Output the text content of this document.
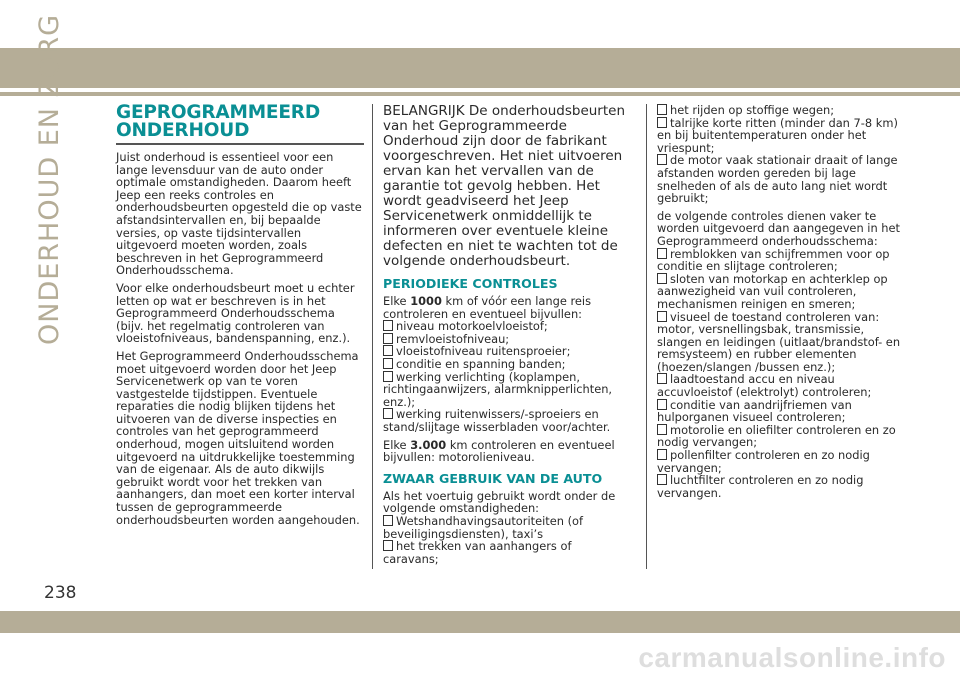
ONDERHOUD EN ZORG	GEPROGRAMMEERD
ONDERHOUD

Juist onderhoud is essentieel voor een lange levensduur van de auto onder optimale omstandigheden. Daarom heeft Jeep een reeks controles en onderhoudsbeurten opgesteld die op vaste afstandsintervallen en, bij bepaalde versies, op vaste tijdsintervallen uitgevoerd moeten worden, zoals beschreven in het Geprogrammeerd Onderhoudsschema.

Voor elke onderhoudsbeurt moet u echter letten op wat er beschreven is in het Geprogrammeerd Onderhoudsschema (bijv. het regelmatig controleren van vloeistofniveaus, bandenspanning, enz.).

Het Geprogrammeerd Onderhoudsschema moet uitgevoerd worden door het Jeep Servicenetwerk op van te voren vastgestelde tijdstippen. Eventuele reparaties die nodig blijken tijdens het uitvoeren van de diverse inspecties en controles van het geprogrammeerd onderhoud, mogen uitsluitend worden uitgevoerd na uitdrukkelijke toestemming van de eigenaar. Als de auto dikwijls gebruikt wordt voor het trekken van aanhangers, dan moet een korter interval tussen de geprogrammeerde onderhoudsbeurten worden aangehouden.

BELANGRIJK De onderhoudsbeurten van het Geprogrammeerde Onderhoud zijn door de fabrikant voorgeschreven. Het niet uitvoeren ervan kan het vervallen van de garantie tot gevolg hebben. Het wordt geadviseerd het Jeep Servicenetwerk onmiddellijk te informeren over eventuele kleine defecten en niet te wachten tot de volgende onderhoudsbeurt.

PERIODIEKE CONTROLES

Elke 1000 km of vóór een lange reis controleren en eventueel bijvullen:

niveau motorkoelvloeistof;
remvloeistofniveau;
vloeistofniveau ruitensproeier;
conditie en spanning banden;
werking verlichting (koplampen, richtingaanwijzers, alarmknipperlichten, enz.);
werking ruitenwissers/-sproeiers en stand/slijtage wisserbladen voor/achter.

Elke 3.000 km controleren en eventueel bijvullen: motorolieniveau.

ZWAAR GEBRUIK VAN DE AUTO

Als het voertuig gebruikt wordt onder de volgende omstandigheden:

Wetshandhavingsautoriteiten (of beveiligingsdiensten), taxi’s
het trekken van aanhangers of caravans;
het rijden op stoffige wegen;
talrijke korte ritten (minder dan 7-8 km) en bij buitentemperaturen onder het vriespunt;
de motor vaak stationair draait of lange afstanden worden gereden bij lage snelheden of als de auto lang niet wordt gebruikt;

de volgende controles dienen vaker te worden uitgevoerd dan aangegeven in het Geprogrammeerd onderhoudsschema:

remblokken van schijfremmen voor op conditie en slijtage controleren;
sloten van motorkap en achterklep op aanwezigheid van vuil controleren, mechanismen reinigen en smeren;
visueel de toestand controleren van: motor, versnellingsbak, transmissie, slangen en leidingen (uitlaat/brandstof- en remsysteem) en rubber elementen (hoezen/slangen /bussen enz.);
laadtoestand accu en niveau accuvloeistof (elektrolyt) controleren;
conditie van aandrijfriemen van hulporganen visueel controleren;
motorolie en oliefilter controleren en zo nodig vervangen;
pollenfilter controleren en zo nodig vervangen;
luchtfilter controleren en zo nodig vervangen.
238
carmanualsonline.info
